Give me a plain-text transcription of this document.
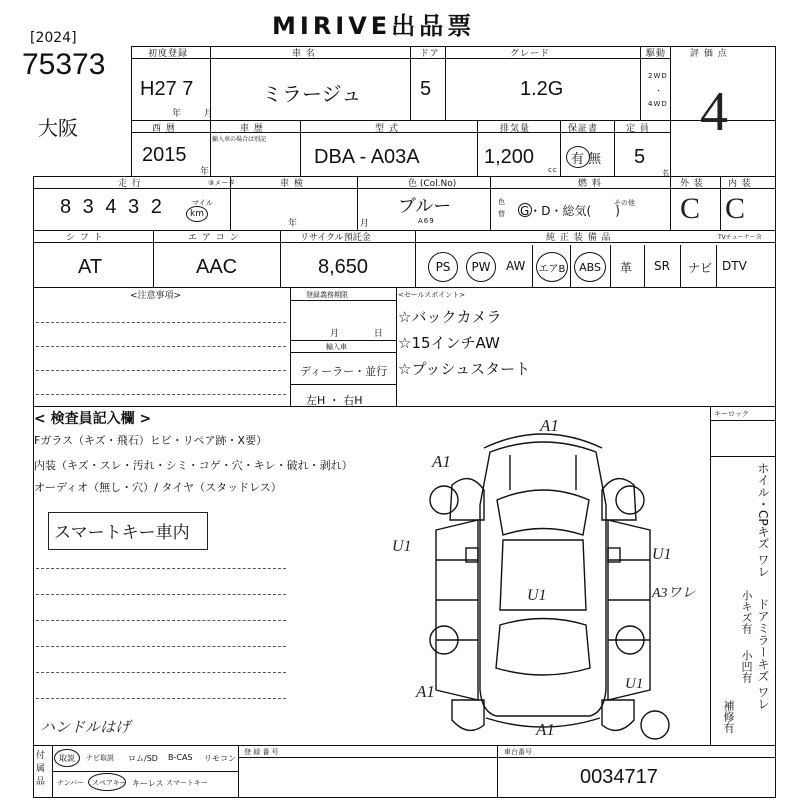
MIRIVE出品票
[2024]
75373
大阪
初度登録
H27 7
年 月
車 名
ミラージュ
ドア
5
グレード
1.2G
駆動
2WD
・
4WD
評 価 点
4
西 暦
2015
年
車 歴
輸入車の場合は別記
型 式
DBA - A03A
排気量
1,200
cc
保証書
有 無
定 員
5
名
走 行	③メータ
8 3 4 3 2	マイル
km
車 検
年 月
色 (Col.No)
ブルー
A69
色替
燃 料
その他
G・D・総気(　　)
外 装
C
内 装
C
シ フ ト
AT
エ ア コ ン
AAC
リサイクル預託金
8,650
純 正 装 備 品	TVチューナー含
PS PW AW エアB ABS 革 SR ナビ DTV
<注意事項>	登録義務期限
月 日
輸入車
ディーラー・並行
左H ・ 右H
<セールスポイント>
☆バックカメラ
☆15インチAW
☆プッシュスタート
< 検査員記入欄 >
Fガラス（キズ・飛石）ヒビ・リペア跡・X要）
内装（キズ・スレ・汚れ・シミ・コゲ・穴・キレ・破れ・剥れ）
オーディオ（無し・穴）/ タイヤ（スタッドレス）
スマートキー車内
ハンドルはげ
キーロック
ホイル・CPキズ ワレ
小キズ有 ドアミラーキズ ワレ
小凹有
補修有
A1
A1
U1
U1
U1
A3ワレ
A1	U1
A1
付属品
取説 ナビ取説 ロム/SD B-CAS リモコン
ナンバー スペアキー キーレス スマートキー
登 録 番 号	車台番号
0034717
